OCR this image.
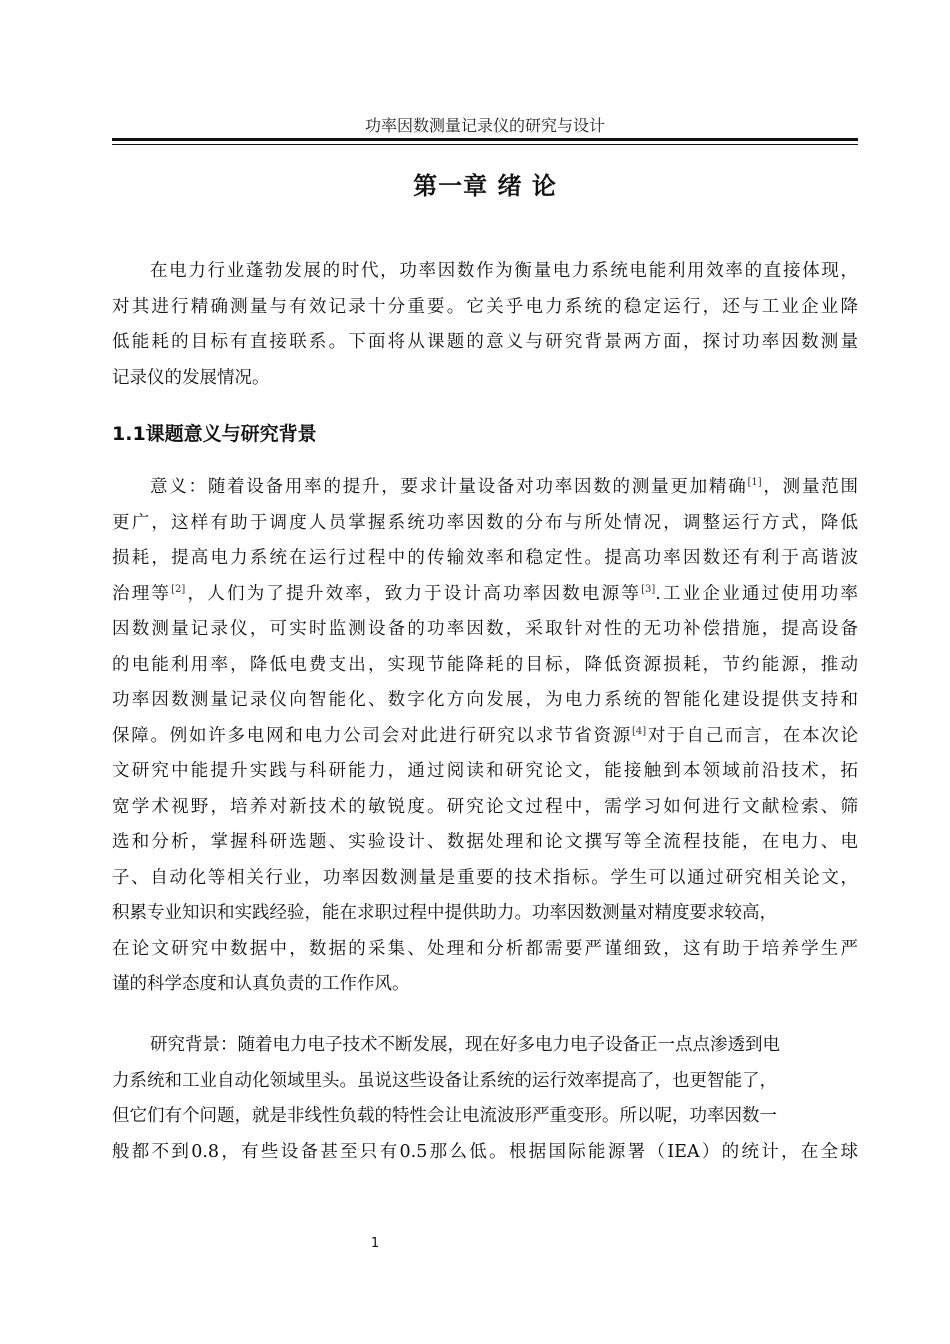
功率因数测量记录仪的研究与设计
第一章 绪 论
在电力行业蓬勃发展的时代，功率因数作为衡量电力系统电能利用效率的直接体现，
对其进行精确测量与有效记录十分重要。它关乎电力系统的稳定运行，还与工业企业降
低能耗的目标有直接联系。下面将从课题的意义与研究背景两方面，探讨功率因数测量
记录仪的发展情况。
1.1课题意义与研究背景
意义：随着设备用率的提升，要求计量设备对功率因数的测量更加精确[1]，测量范围
更广，这样有助于调度人员掌握系统功率因数的分布与所处情况，调整运行方式，降低
损耗，提高电力系统在运行过程中的传输效率和稳定性。提高功率因数还有利于高谐波
治理等[2]，人们为了提升效率，致力于设计高功率因数电源等[3].工业企业通过使用功率
因数测量记录仪，可实时监测设备的功率因数，采取针对性的无功补偿措施，提高设备
的电能利用率，降低电费支出，实现节能降耗的目标，降低资源损耗，节约能源，推动
功率因数测量记录仪向智能化、数字化方向发展，为电力系统的智能化建设提供支持和
保障。例如许多电网和电力公司会对此进行研究以求节省资源[4]对于自己而言，在本次论
文研究中能提升实践与科研能力，通过阅读和研究论文，能接触到本领域前沿技术，拓
宽学术视野，培养对新技术的敏锐度。研究论文过程中，需学习如何进行文献检索、筛
选和分析，掌握科研选题、实验设计、数据处理和论文撰写等全流程技能，在电力、电
子、自动化等相关行业，功率因数测量是重要的技术指标。学生可以通过研究相关论文，
积累专业知识和实践经验，能在求职过程中提供助力。功率因数测量对精度要求较高，
在论文研究中数据中，数据的采集、处理和分析都需要严谨细致，这有助于培养学生严
谨的科学态度和认真负责的工作作风。
研究背景：随着电力电子技术不断发展，现在好多电力电子设备正一点点渗透到电
力系统和工业自动化领域里头。虽说这些设备让系统的运行效率提高了，也更智能了，
但它们有个问题，就是非线性负载的特性会让电流波形严重变形。所以呢，功率因数一
般都不到0.8，有些设备甚至只有0.5那么低。根据国际能源署（IEA）的统计，在全球
1
